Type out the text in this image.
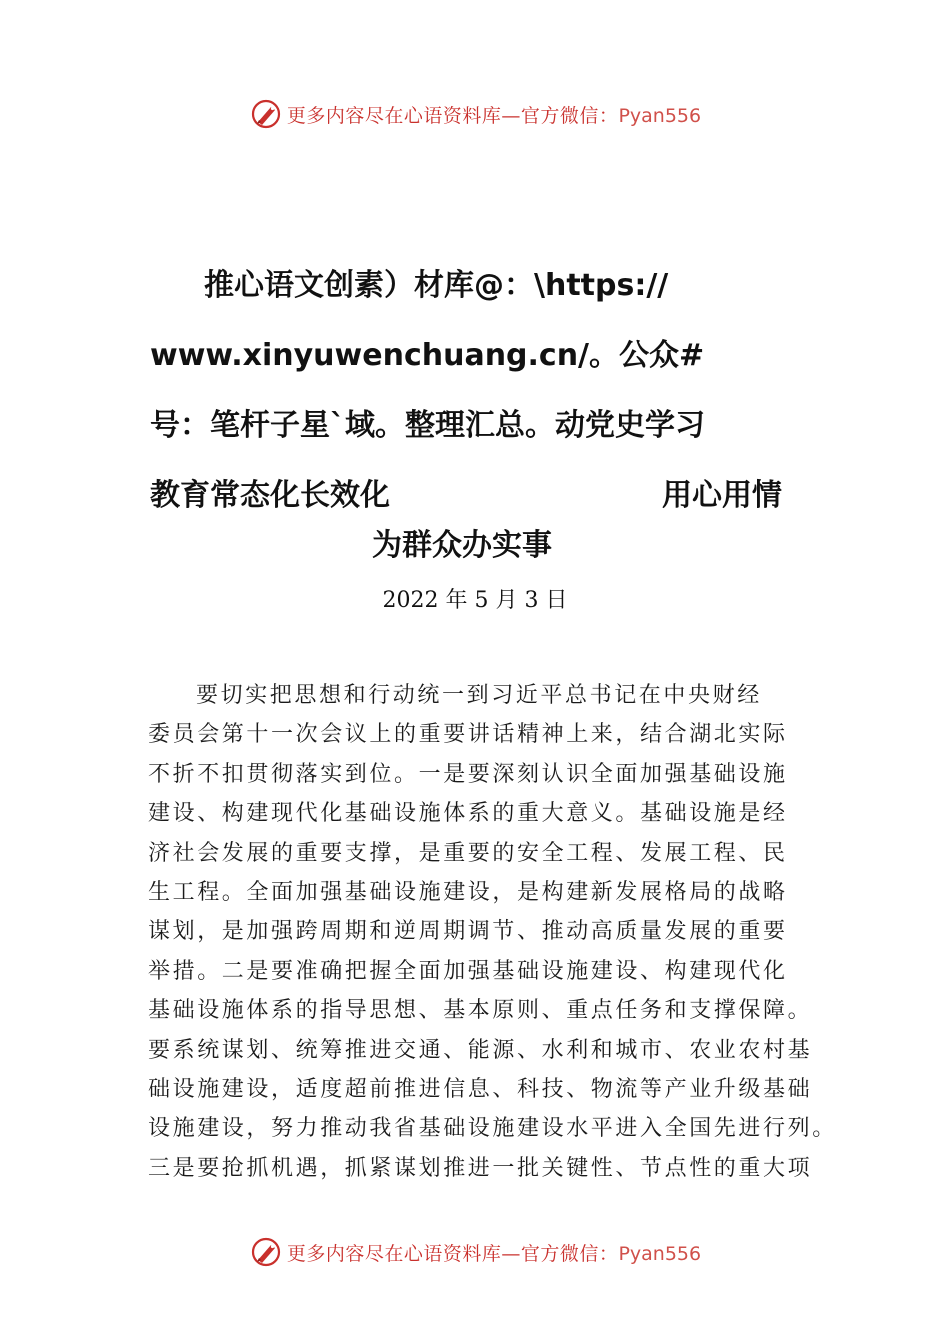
更多内容尽在心语资料库—官方微信：Pyan556
推心语文创素）材库@：\https://
www.xinyuwenchuang.cn/。公众#
号：笔杆子星`域。整理汇总。动党史学习
教育常态化长效化	用心用情
为群众办实事
2022 年 5 月 3 日
要切实把思想和行动统一到习近平总书记在中央财经
委员会第十一次会议上的重要讲话精神上来，结合湖北实际
不折不扣贯彻落实到位。一是要深刻认识全面加强基础设施
建设、构建现代化基础设施体系的重大意义。基础设施是经
济社会发展的重要支撑，是重要的安全工程、发展工程、民
生工程。全面加强基础设施建设，是构建新发展格局的战略
谋划，是加强跨周期和逆周期调节、推动高质量发展的重要
举措。二是要准确把握全面加强基础设施建设、构建现代化
基础设施体系的指导思想、基本原则、重点任务和支撑保障。
要系统谋划、统筹推进交通、能源、水利和城市、农业农村基
础设施建设，适度超前推进信息、科技、物流等产业升级基础
设施建设，努力推动我省基础设施建设水平进入全国先进行列。
三是要抢抓机遇，抓紧谋划推进一批关键性、节点性的重大项
更多内容尽在心语资料库—官方微信：Pyan556
